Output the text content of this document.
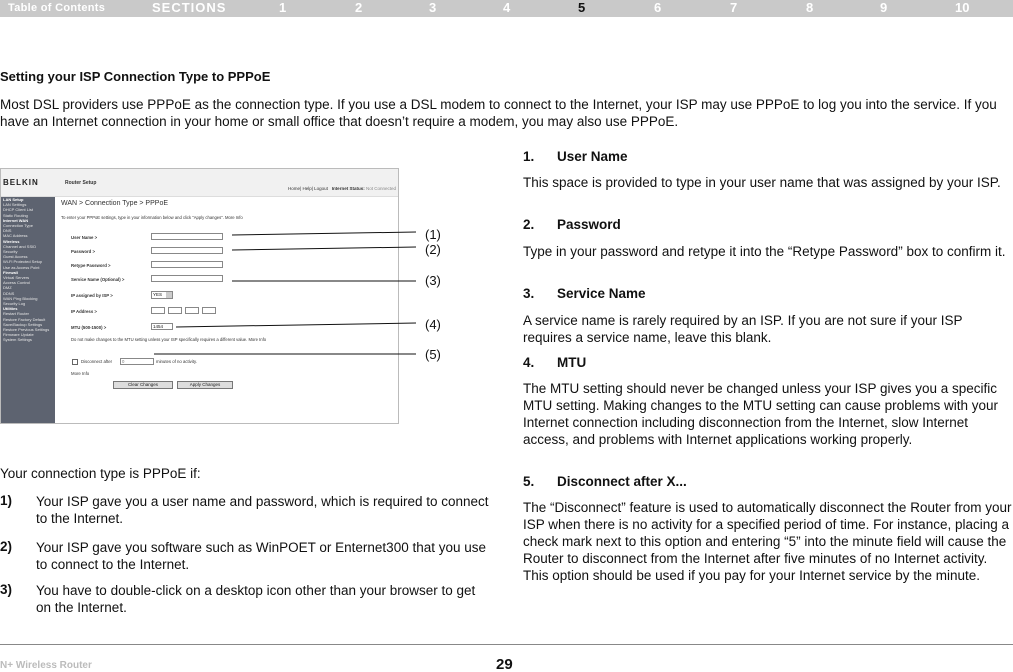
Table of Contents	SECTIONS	1	2	3	4	5	6	7	8	9	10
Setting your ISP Connection Type to PPPoE

Most DSL providers use PPPoE as the connection type. If you use a DSL modem to connect to the Internet, your ISP may use PPPoE to log you into the service. If you have an Internet connection in your home or small office that doesn’t require a modem, you may also use PPPoE.

BELKIN	Router Setup
Home| Help| Logout Internet Status: Not Connected
LAN Setup
LAN Settings
DHCP Client List
Static Routing
Internet WAN
Connection Type
DNS
MAC Address
Wireless
Channel and SSID
Security
Guest Access
Wi-Fi Protected Setup
Use as Access Point
Firewall
Virtual Servers
Access Control
DMZ
DDNS
WAN Ping Blocking
Security Log
Utilities
Restart Router
Restore Factory Default
Save/Backup Settings
Restore Previous Settings
Firmware Update
System Settings
WAN > Connection Type > PPPoE
To enter your PPPoE settings, type in your information below and click "Apply changes". More Info
User Name >
Password >
Retype Password >
Service Name (Optional) >
IP assigned by ISP >	YES
IP Address >
MTU (500-1500) >	1454
Do not make changes to the MTU setting unless your ISP specifically requires a different value. More Info
Disconnect after	0	minutes of no activity.
More Info
Clear Changes	Apply Changes
(1)
(2)
(3)
(4)
(5)
Your connection type is PPPoE if:
1) Your ISP gave you a user name and password, which is required to connect to the Internet.

2) Your ISP gave you software such as WinPOET or Enternet300 that you use to connect to the Internet.

3) You have to double-click on a desktop icon other than your browser to get on the Internet.

1. User Name

This space is provided to type in your user name that was assigned by your ISP.

2. Password

Type in your password and retype it into the “Retype Password” box to confirm it.

3. Service Name

A service name is rarely required by an ISP. If you are not sure if your ISP requires a service name, leave this blank.

4. MTU

The MTU setting should never be changed unless your ISP gives you a specific MTU setting. Making changes to the MTU setting can cause problems with your Internet connection including disconnection from the Internet, slow Internet access, and problems with Internet applications working properly.

5. Disconnect after X...

The “Disconnect” feature is used to automatically disconnect the Router from your ISP when there is no activity for a specified period of time. For instance, placing a check mark next to this option and entering “5” into the minute field will cause the Router to disconnect from the Internet after five minutes of no Internet activity. This option should be used if you pay for your Internet service by the minute.

N+ Wireless Router	29
